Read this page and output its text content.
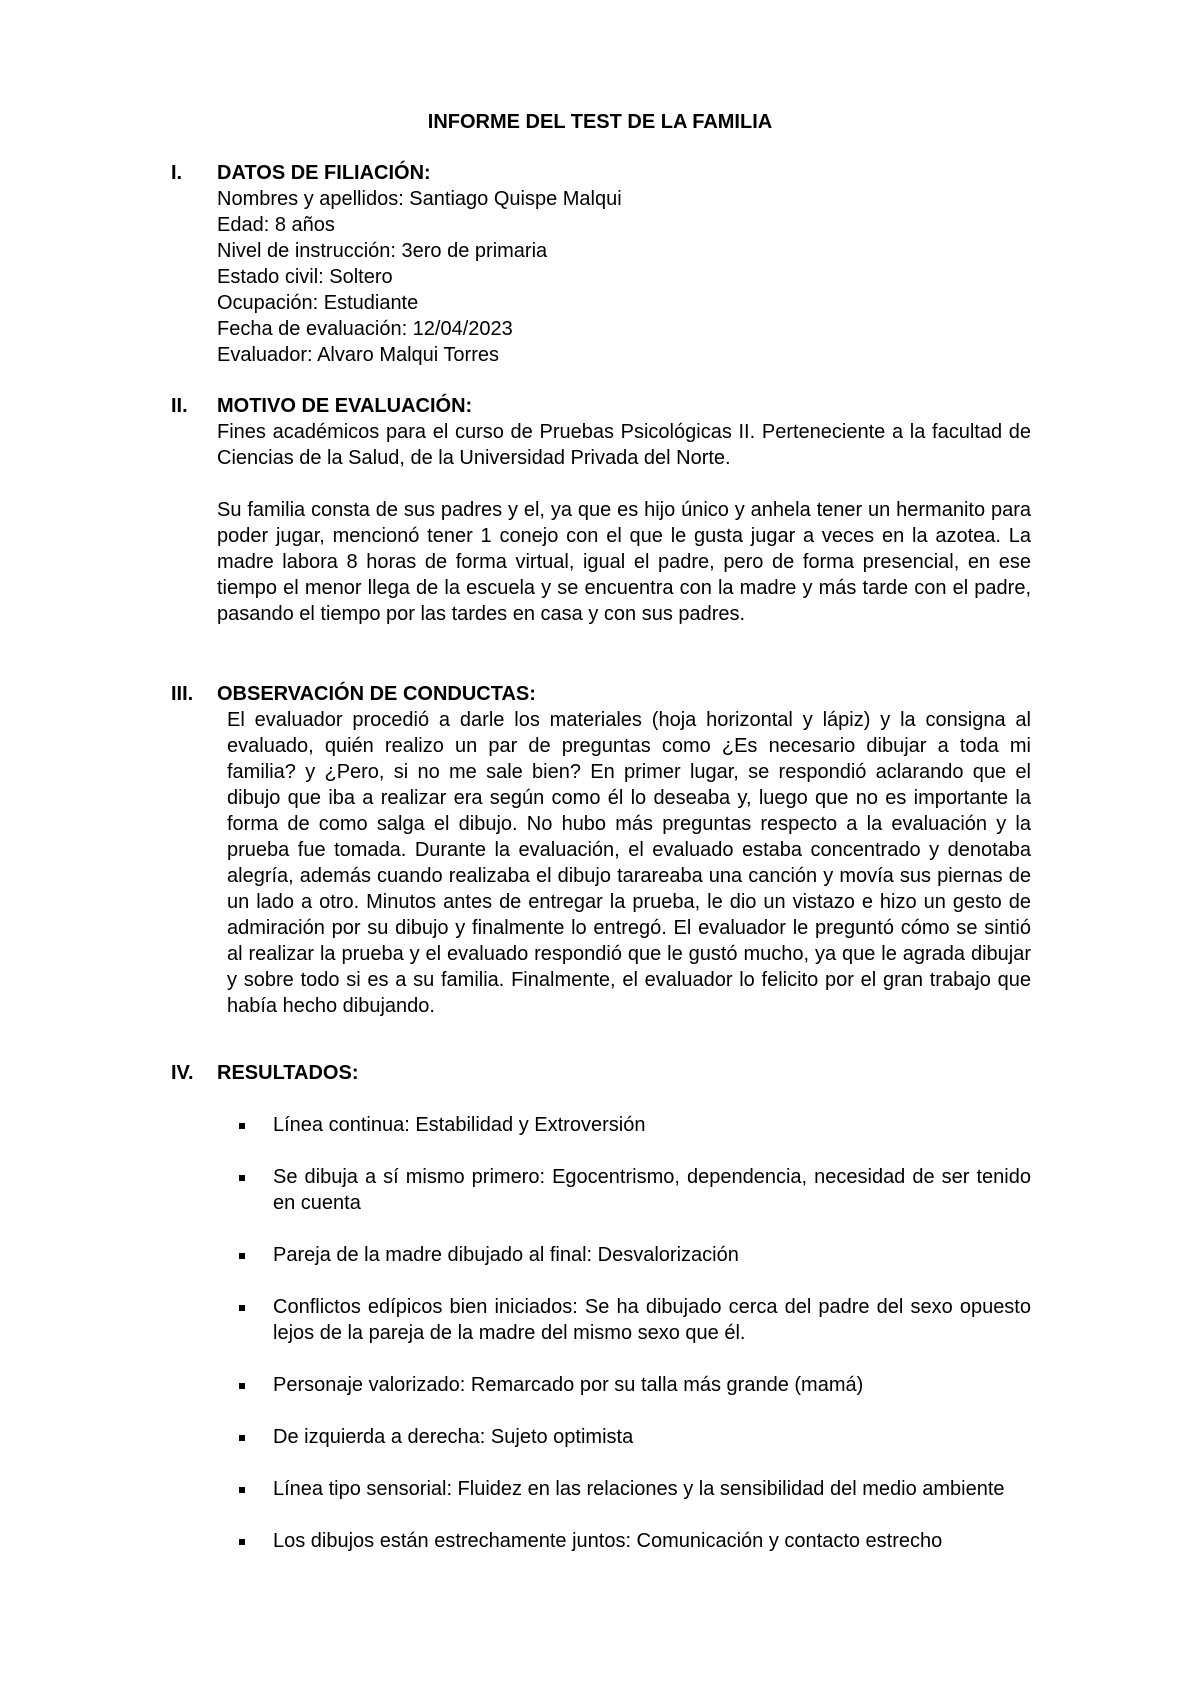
INFORME DEL TEST DE LA FAMILIA
I. DATOS DE FILIACIÓN:
Nombres y apellidos: Santiago Quispe Malqui
Edad: 8 años
Nivel de instrucción: 3ero de primaria
Estado civil: Soltero
Ocupación: Estudiante
Fecha de evaluación: 12/04/2023
Evaluador: Alvaro Malqui Torres
II. MOTIVO DE EVALUACIÓN:
Fines académicos para el curso de Pruebas Psicológicas II. Perteneciente a la facultad de Ciencias de la Salud, de la Universidad Privada del Norte.
Su familia consta de sus padres y el, ya que es hijo único y anhela tener un hermanito para poder jugar, mencionó tener 1 conejo con el que le gusta jugar a veces en la azotea. La madre labora 8 horas de forma virtual, igual el padre, pero de forma presencial, en ese tiempo el menor llega de la escuela y se encuentra con la madre y más tarde con el padre, pasando el tiempo por las tardes en casa y con sus padres.
III. OBSERVACIÓN DE CONDUCTAS:
El evaluador procedió a darle los materiales (hoja horizontal y lápiz) y la consigna al evaluado, quién realizo un par de preguntas como ¿Es necesario dibujar a toda mi familia? y ¿Pero, si no me sale bien? En primer lugar, se respondió aclarando que el dibujo que iba a realizar era según como él lo deseaba y, luego que no es importante la forma de como salga el dibujo. No hubo más preguntas respecto a la evaluación y la prueba fue tomada. Durante la evaluación, el evaluado estaba concentrado y denotaba alegría, además cuando realizaba el dibujo tarareaba una canción y movía sus piernas de un lado a otro. Minutos antes de entregar la prueba, le dio un vistazo e hizo un gesto de admiración por su dibujo y finalmente lo entregó. El evaluador le preguntó cómo se sintió al realizar la prueba y el evaluado respondió que le gustó mucho, ya que le agrada dibujar y sobre todo si es a su familia. Finalmente, el evaluador lo felicito por el gran trabajo que había hecho dibujando.
IV. RESULTADOS:
Línea continua: Estabilidad y Extroversión
Se dibuja a sí mismo primero: Egocentrismo, dependencia, necesidad de ser tenido en cuenta
Pareja de la madre dibujado al final: Desvalorización
Conflictos edípicos bien iniciados: Se ha dibujado cerca del padre del sexo opuesto lejos de la pareja de la madre del mismo sexo que él.
Personaje valorizado: Remarcado por su talla más grande (mamá)
De izquierda a derecha: Sujeto optimista
Línea tipo sensorial: Fluidez en las relaciones y la sensibilidad del medio ambiente
Los dibujos están estrechamente juntos: Comunicación y contacto estrecho
